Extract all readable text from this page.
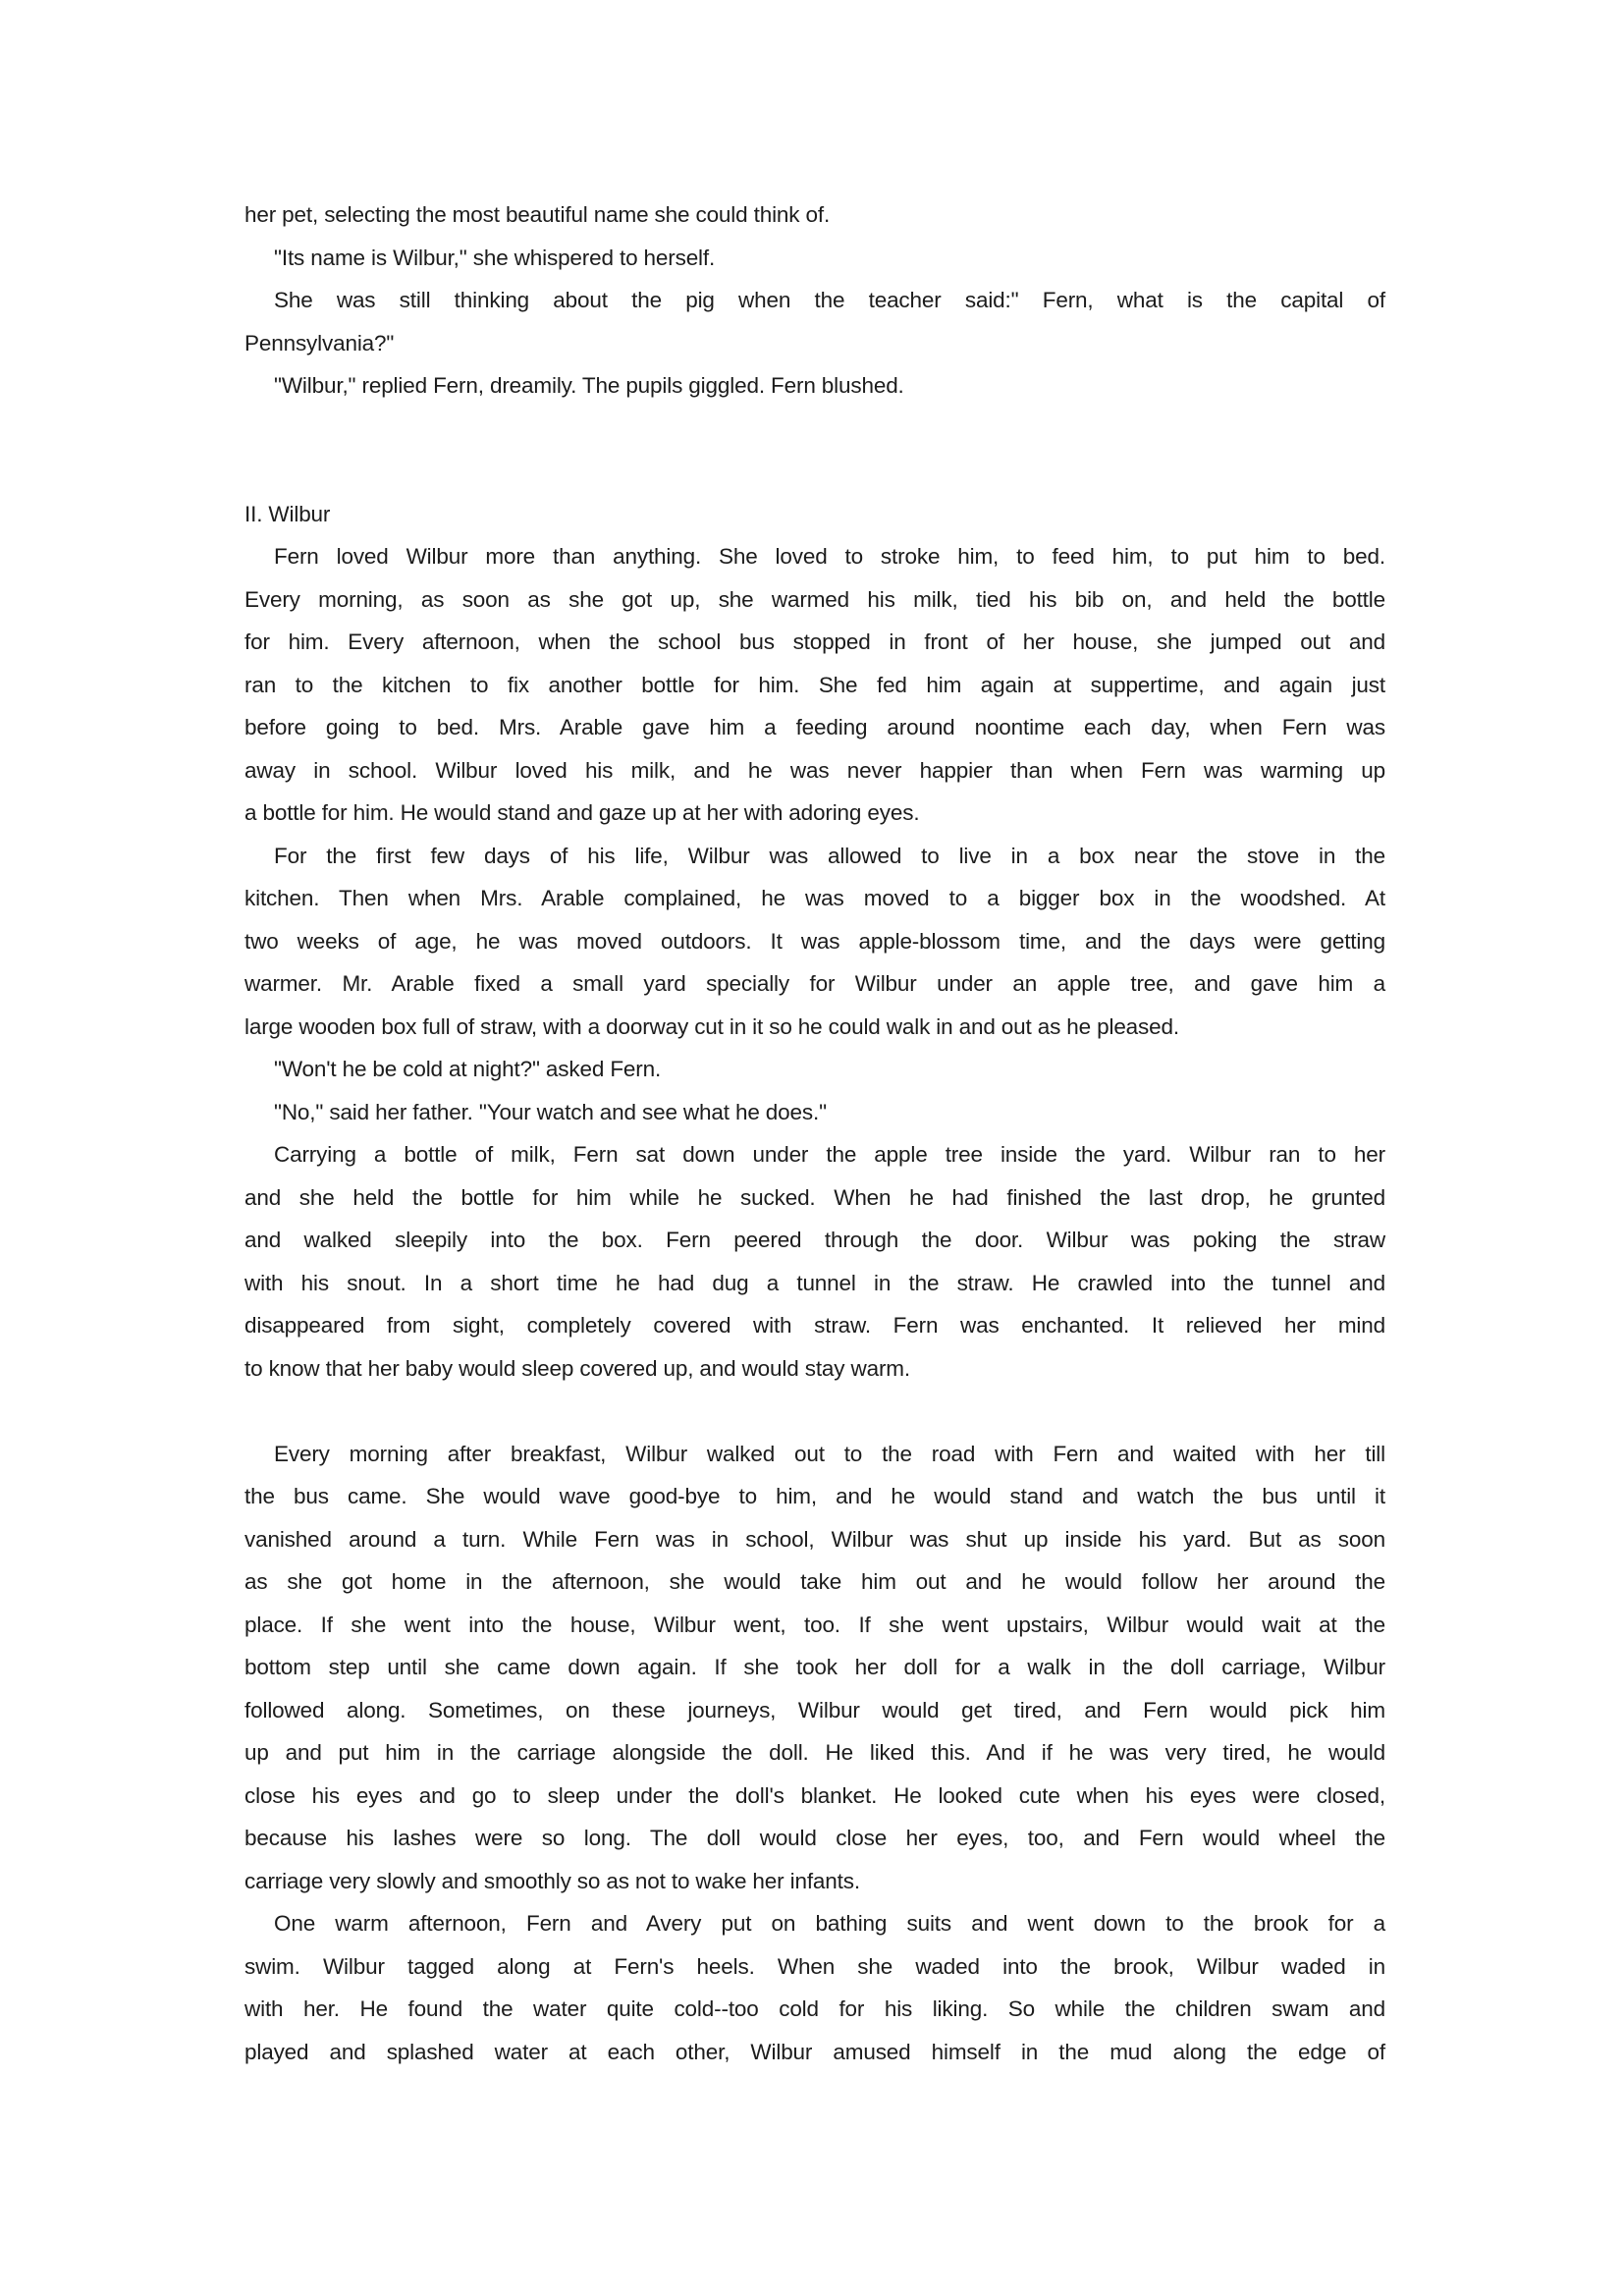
her pet, selecting the most beautiful name she could think of.
"Its name is Wilbur," she whispered to herself.
She was still thinking about the pig when the teacher said:" Fern, what is the capital of
Pennsylvania?"
"Wilbur," replied Fern, dreamily. The pupils giggled. Fern blushed.
II. Wilbur
Fern loved Wilbur more than anything. She loved to stroke him, to feed him, to put him to bed.
Every morning, as soon as she got up, she warmed his milk, tied his bib on, and held the bottle
for him. Every afternoon, when the school bus stopped in front of her house, she jumped out and
ran to the kitchen to fix another bottle for him. She fed him again at suppertime, and again just
before going to bed. Mrs. Arable gave him a feeding around noontime each day, when Fern was
away in school. Wilbur loved his milk, and he was never happier than when Fern was warming up
a bottle for him. He would stand and gaze up at her with adoring eyes.
For the first few days of his life, Wilbur was allowed to live in a box near the stove in the
kitchen. Then when Mrs. Arable complained, he was moved to a bigger box in the woodshed. At
two weeks of age, he was moved outdoors. It was apple-blossom time, and the days were getting
warmer. Mr. Arable fixed a small yard specially for Wilbur under an apple tree, and gave him a
large wooden box full of straw, with a doorway cut in it so he could walk in and out as he pleased.
"Won't he be cold at night?" asked Fern.
"No," said her father. "Your watch and see what he does."
Carrying a bottle of milk, Fern sat down under the apple tree inside the yard. Wilbur ran to her
and she held the bottle for him while he sucked. When he had finished the last drop, he grunted
and walked sleepily into the box. Fern peered through the door. Wilbur was poking the straw
with his snout. In a short time he had dug a tunnel in the straw. He crawled into the tunnel and
disappeared from sight, completely covered with straw. Fern was enchanted. It relieved her mind
to know that her baby would sleep covered up, and would stay warm.
Every morning after breakfast, Wilbur walked out to the road with Fern and waited with her till
the bus came. She would wave good-bye to him, and he would stand and watch the bus until it
vanished around a turn. While Fern was in school, Wilbur was shut up inside his yard. But as soon
as she got home in the afternoon, she would take him out and he would follow her around the
place. If she went into the house, Wilbur went, too. If she went upstairs, Wilbur would wait at the
bottom step until she came down again. If she took her doll for a walk in the doll carriage, Wilbur
followed along. Sometimes, on these journeys, Wilbur would get tired, and Fern would pick him
up and put him in the carriage alongside the doll. He liked this. And if he was very tired, he would
close his eyes and go to sleep under the doll's blanket. He looked cute when his eyes were closed,
because his lashes were so long. The doll would close her eyes, too, and Fern would wheel the
carriage very slowly and smoothly so as not to wake her infants.
One warm afternoon, Fern and Avery put on bathing suits and went down to the brook for a
swim. Wilbur tagged along at Fern's heels. When she waded into the brook, Wilbur waded in
with her. He found the water quite cold--too cold for his liking. So while the children swam and
played and splashed water at each other, Wilbur amused himself in the mud along the edge of
